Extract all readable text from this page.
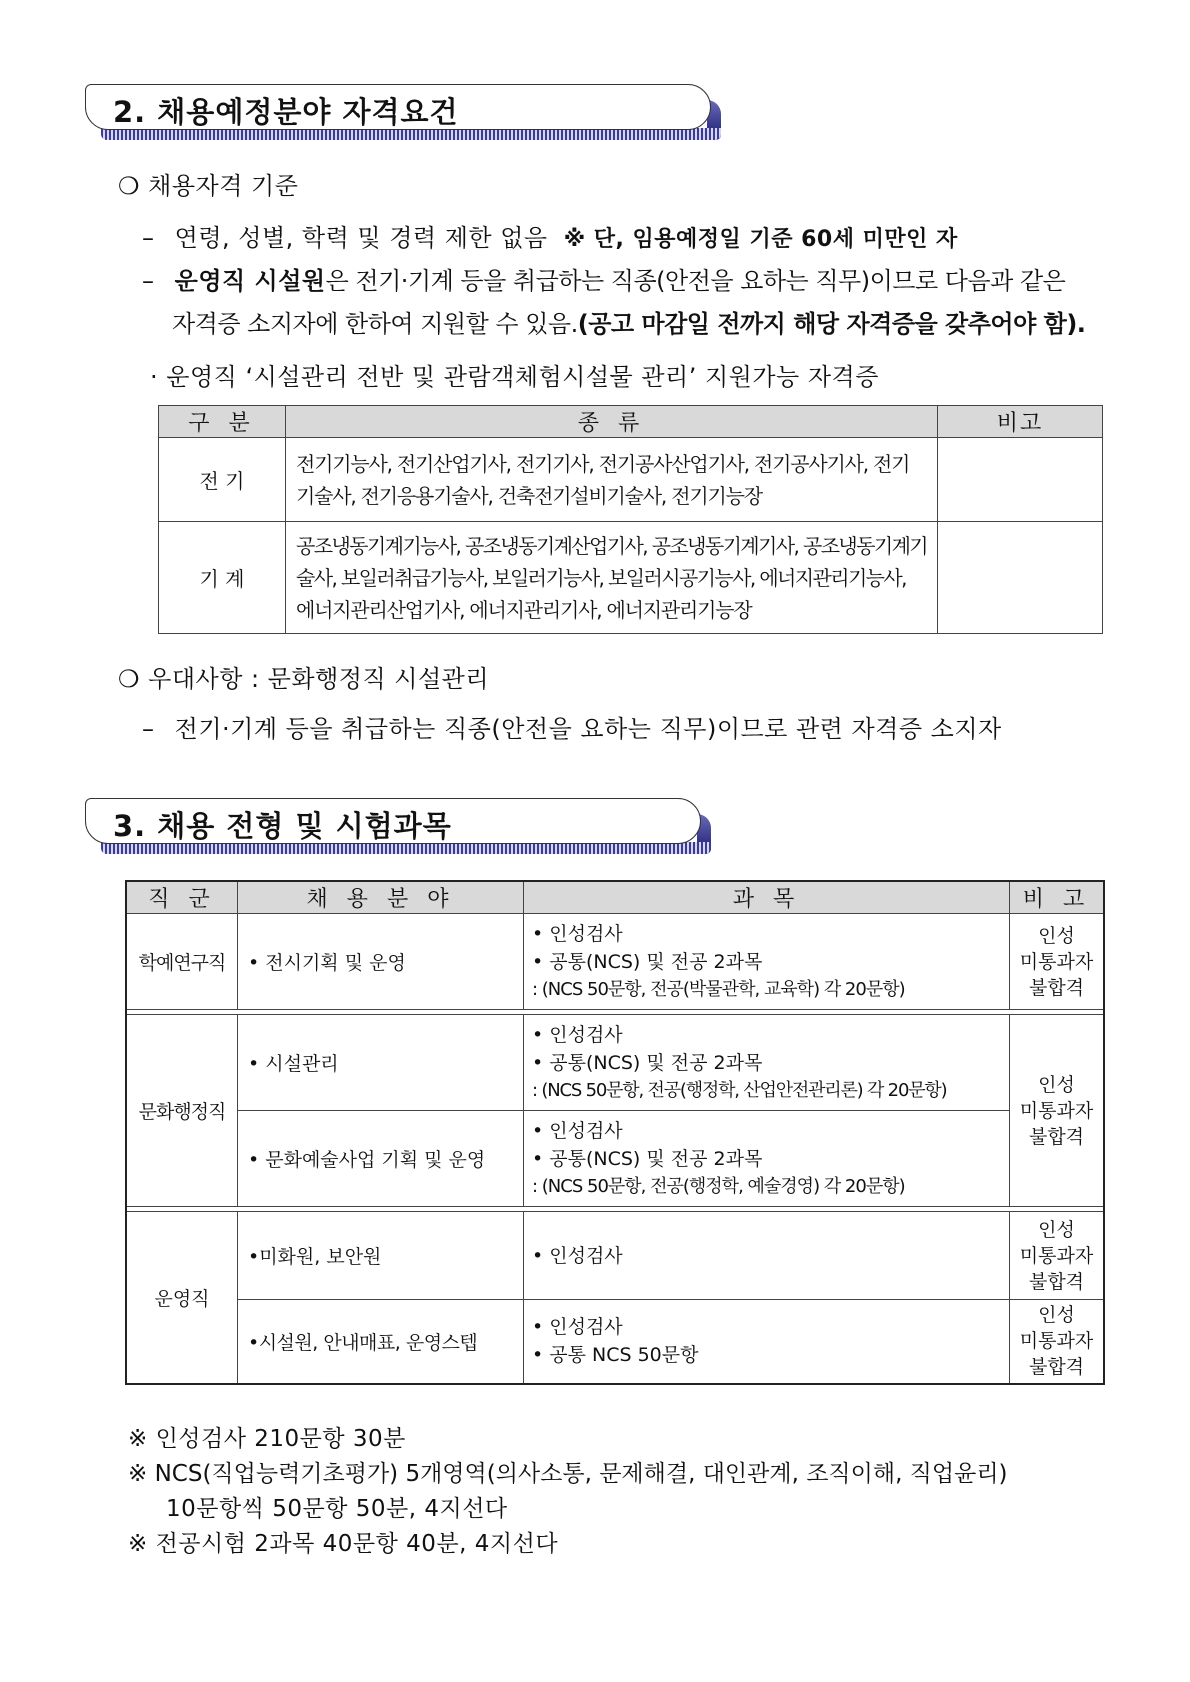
2. 채용예정분야 자격요건
❍ 채용자격 기준
– 연령, 성별, 학력 및 경력 제한 없음 ※ 단, 임용예정일 기준 60세 미만인 자
– 운영직 시설원은 전기·기계 등을 취급하는 직종(안전을 요하는 직무)이므로 다음과 같은
자격증 소지자에 한하여 지원할 수 있음.(공고 마감일 전까지 해당 자격증을 갖추어야 함).
· 운영직 ‘시설관리 전반 및 관람객체험시설물 관리’ 지원가능 자격증
구 분	종 류	비고
전 기	전기기능사, 전기산업기사, 전기기사, 전기공사산업기사, 전기공사기사, 전기
기술사, 전기응용기술사, 건축전기설비기술사, 전기기능장	

기 계	공조냉동기계기능사, 공조냉동기계산업기사, 공조냉동기계기사, 공조냉동기계기
술사, 보일러취급기능사, 보일러기능사, 보일러시공기능사, 에너지관리기능사,
에너지관리산업기사, 에너지관리기사, 에너지관리기능장	

❍ 우대사항 : 문화행정직 시설관리
– 전기·기계 등을 취급하는 직종(안전을 요하는 직무)이므로 관련 자격증 소지자
3. 채용 전형 및 시험과목
직 군	채 용 분 야	과 목	비 고
학예연구직	• 전시기획 및 운영	• 인성검사
• 공통(NCS) 및 전공 2과목
: (NCS 50문항, 전공(박물관학, 교육학) 각 20문항)	인성
미통과자
불합격

문화행정직	• 시설관리	• 인성검사
• 공통(NCS) 및 전공 2과목
: (NCS 50문항, 전공(행정학, 산업안전관리론) 각 20문항)	인성
미통과자
불합격

	• 문화예술사업 기획 및 운영	• 인성검사
• 공통(NCS) 및 전공 2과목
: (NCS 50문항, 전공(행정학, 예술경영) 각 20문항)	

운영직	•미화원, 보안원	• 인성검사	인성
미통과자
불합격

	•시설원, 안내매표, 운영스텝	• 인성검사
• 공통 NCS 50문항	인성
미통과자
불합격
※ 인성검사 210문항 30분
※ NCS(직업능력기초평가) 5개영역(의사소통, 문제해결, 대인관계, 조직이해, 직업윤리)
10문항씩 50문항 50분, 4지선다
※ 전공시험 2과목 40문항 40분, 4지선다
